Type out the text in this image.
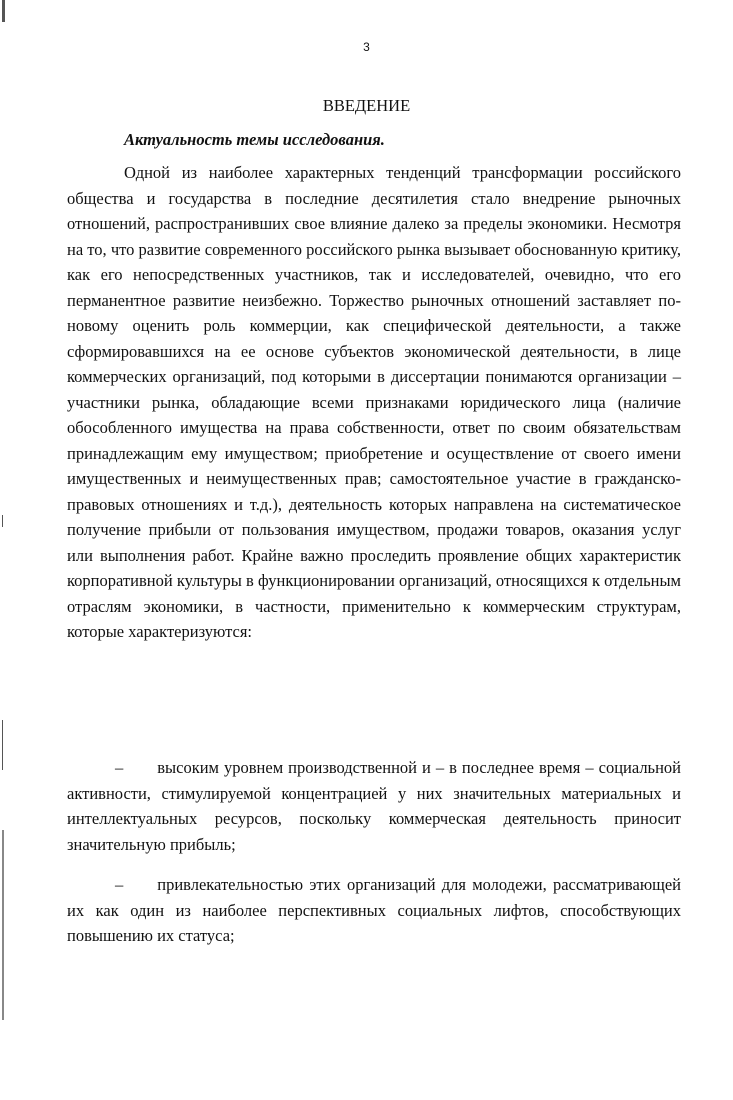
3
ВВЕДЕНИЕ
Актуальность темы исследования.

Одной из наиболее характерных тенденций трансформации российского общества и государства в последние десятилетия стало внедрение рыночных отношений, распространивших свое влияние далеко за пределы экономики. Несмотря на то, что развитие современного российского рынка вызывает обоснованную критику, как его непосредственных участников, так и исследователей, очевидно, что его перманентное развитие неизбежно. Торжество рыночных отношений заставляет по-новому оценить роль коммерции, как специфической деятельности, а также сформировавшихся на ее основе субъектов экономической деятельности, в лице коммерческих организаций, под которыми в диссертации понимаются организации – участники рынка, обладающие всеми признаками юридического лица (наличие обособленного имущества на права собственности, ответ по своим обязательствам принадлежащим ему имуществом; приобретение и осуществление от своего имени имущественных и неимущественных прав; самостоятельное участие в гражданско-правовых отношениях и т.д.), деятельность которых направлена на систематическое получение прибыли от пользования имуществом, продажи товаров, оказания услуг или выполнения работ. Крайне важно проследить проявление общих характеристик корпоративной культуры в функционировании организаций, относящихся к отдельным отраслям экономики, в частности, применительно к коммерческим структурам, которые характеризуются:

– высоким уровнем производственной и – в последнее время – социальной активности, стимулируемой концентрацией у них значительных материальных и интеллектуальных ресурсов, поскольку коммерческая деятельность приносит значительную прибыль;

– привлекательностью этих организаций для молодежи, рассматривающей их как один из наиболее перспективных социальных лифтов, способствующих повышению их статуса;
